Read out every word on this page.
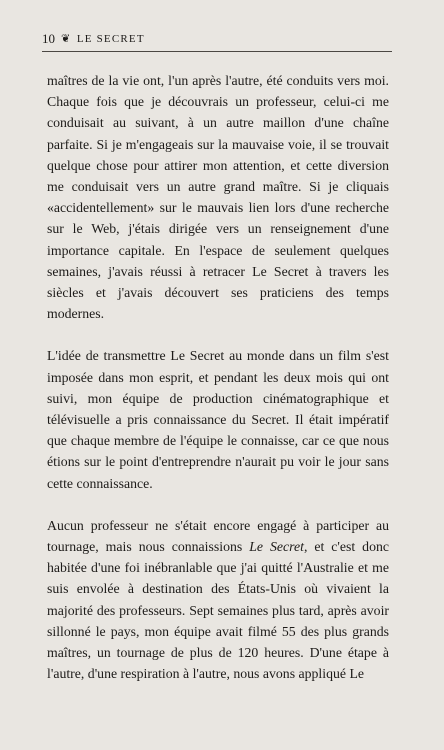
10 ❦ LE SECRET

maîtres de la vie ont, l'un après l'autre, été conduits vers moi. Chaque fois que je découvrais un professeur, celui-ci me conduisait au suivant, à un autre maillon d'une chaîne parfaite. Si je m'engageais sur la mauvaise voie, il se trouvait quelque chose pour attirer mon attention, et cette diversion me conduisait vers un autre grand maître. Si je cliquais «accidentellement» sur le mauvais lien lors d'une recherche sur le Web, j'étais dirigée vers un renseignement d'une importance capitale. En l'espace de seulement quelques semaines, j'avais réussi à retracer Le Secret à travers les siècles et j'avais découvert ses praticiens des temps modernes.

L'idée de transmettre Le Secret au monde dans un film s'est imposée dans mon esprit, et pendant les deux mois qui ont suivi, mon équipe de production cinématographique et télévisuelle a pris connaissance du Secret. Il était impératif que chaque membre de l'équipe le connaisse, car ce que nous étions sur le point d'entreprendre n'aurait pu voir le jour sans cette connaissance.

Aucun professeur ne s'était encore engagé à participer au tournage, mais nous connaissions Le Secret, et c'est donc habitée d'une foi inébranlable que j'ai quitté l'Australie et me suis envolée à destination des États-Unis où vivaient la majorité des professeurs. Sept semaines plus tard, après avoir sillonné le pays, mon équipe avait filmé 55 des plus grands maîtres, un tournage de plus de 120 heures. D'une étape à l'autre, d'une respiration à l'autre, nous avons appliqué Le
